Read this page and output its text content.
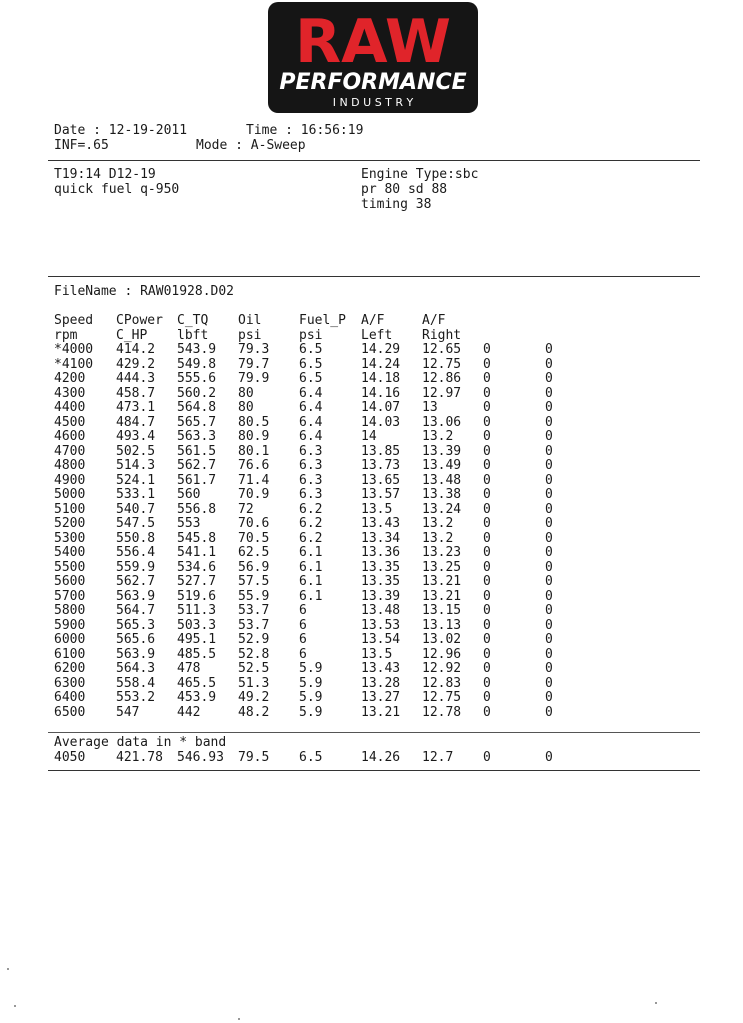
RAW
PERFORMANCE
I N D U S T R Y
Date : 12-19-2011	Time : 16:56:19
INF=.65	Mode : A-Sweep
T19:14 D12-19
quick fuel q-950
Engine Type:sbc
pr 80 sd 88
timing 38
FileName : RAW01928.D02
Speed CPower C_TQ Oil	Fuel_P A/F	A/F
rpm	C_HP lbft psi	psi	Left Right
*4000 414.2 543.9 79.3 6.5	14.29 12.65 0	0
*4100 429.2 549.8 79.7 6.5	14.24 12.75 0	0
4200 444.3 555.6 79.9 6.5	14.18 12.86 0	0
4300 458.7 560.2 80	6.4	14.16 12.97 0	0
4400 473.1 564.8 80	6.4	14.07 13	0	0
4500 484.7 565.7 80.5 6.4	14.03 13.06 0	0
4600 493.4 563.3 80.9 6.4	14	13.2 0	0
4700 502.5 561.5 80.1 6.3	13.85 13.39 0	0
4800 514.3 562.7 76.6 6.3	13.73 13.49 0	0
4900 524.1 561.7 71.4 6.3	13.65 13.48 0	0
5000 533.1 560	70.9 6.3	13.57 13.38 0	0
5100 540.7 556.8 72	6.2	13.5 13.24 0	0
5200 547.5 553	70.6 6.2	13.43 13.2 0	0
5300 550.8 545.8 70.5 6.2	13.34 13.2 0	0
5400 556.4 541.1 62.5 6.1	13.36 13.23 0	0
5500 559.9 534.6 56.9 6.1	13.35 13.25 0	0
5600 562.7 527.7 57.5 6.1	13.35 13.21 0	0
5700 563.9 519.6 55.9 6.1	13.39 13.21 0	0
5800 564.7 511.3 53.7 6	13.48 13.15 0	0
5900 565.3 503.3 53.7 6	13.53 13.13 0	0
6000 565.6 495.1 52.9 6	13.54 13.02 0	0
6100 563.9 485.5 52.8 6	13.5 12.96 0	0
6200 564.3 478	52.5 5.9	13.43 12.92 0	0
6300 558.4 465.5 51.3 5.9	13.28 12.83 0	0
6400 553.2 453.9 49.2 5.9	13.27 12.75 0	0
6500 547	442	48.2 5.9	13.21 12.78 0	0
Average data in * band
4050 421.78 546.93 79.5 6.5	14.26 12.7 0	0
